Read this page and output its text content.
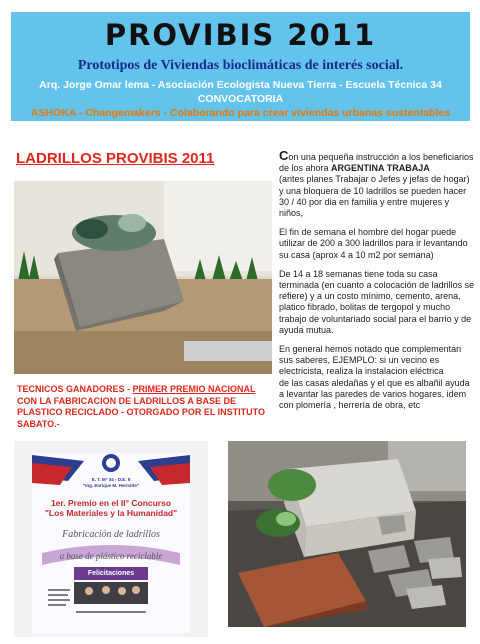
PROVIBIS 2011
Prototipos de Viviendas bioclimáticas de interés social.
Arq. Jorge Omar lema - Asociación Ecologista Nueva Tierra - Escuela Técnica 34
CONVOCATORIA
ASHOKA - Changemakers - Colaborando para crear viviendas urbanas sustentables
LADRILLOS PROVIBIS 2011	Con una pequeña instrucción a los beneficiarios de los ahora ARGENTINA TRABAJA
(antes planes Trabajar o Jefes y jefas de hogar) y una bloquera de 10 ladrillos se pueden hacer 30 / 40 por dia en familia y entre mujeres y niños,

El fin de semana el hombre del hogar puede utilizar de 200 a 300 ladrillos para ir levantando su casa (aprox 4 a 10 m2 por semana)

De 14 a 18 semanas tiene toda su casa terminada (en cuanto a colocación de ladrillos se refiere) y a un costo mínimo, cemento, arena, platico fibrado, bolitas de tergopol y mucho trabajo de voluntariado social para el barrio y de ayuda mutua.

En general hemos notado que complementan sus saberes, EJEMPLO: si un vecino es electricista, realiza la instalacion eléctrica
de las casas aledañas y el que es albañil ayuda a levantar las paredes de varios hogares, idem con plomería , herrería de obra, etc

TECNICOS GANADORES - PRIMER PREMIO NACIONAL CON LA FABRICACION DE LADRILLOS A BASE DE PLASTICO RECICLADO - OTORGADO POR EL INSTITUTO SABATO.-
E. T. M° 34 - D.E. 9
"Ing. Enrique M. Hermitte"
1er. Premio en el II° Concurso
"Los Materiales y la Humanidad"
Fabricación de ladrillos
a base de plástico reciclable
Felicitaciones
